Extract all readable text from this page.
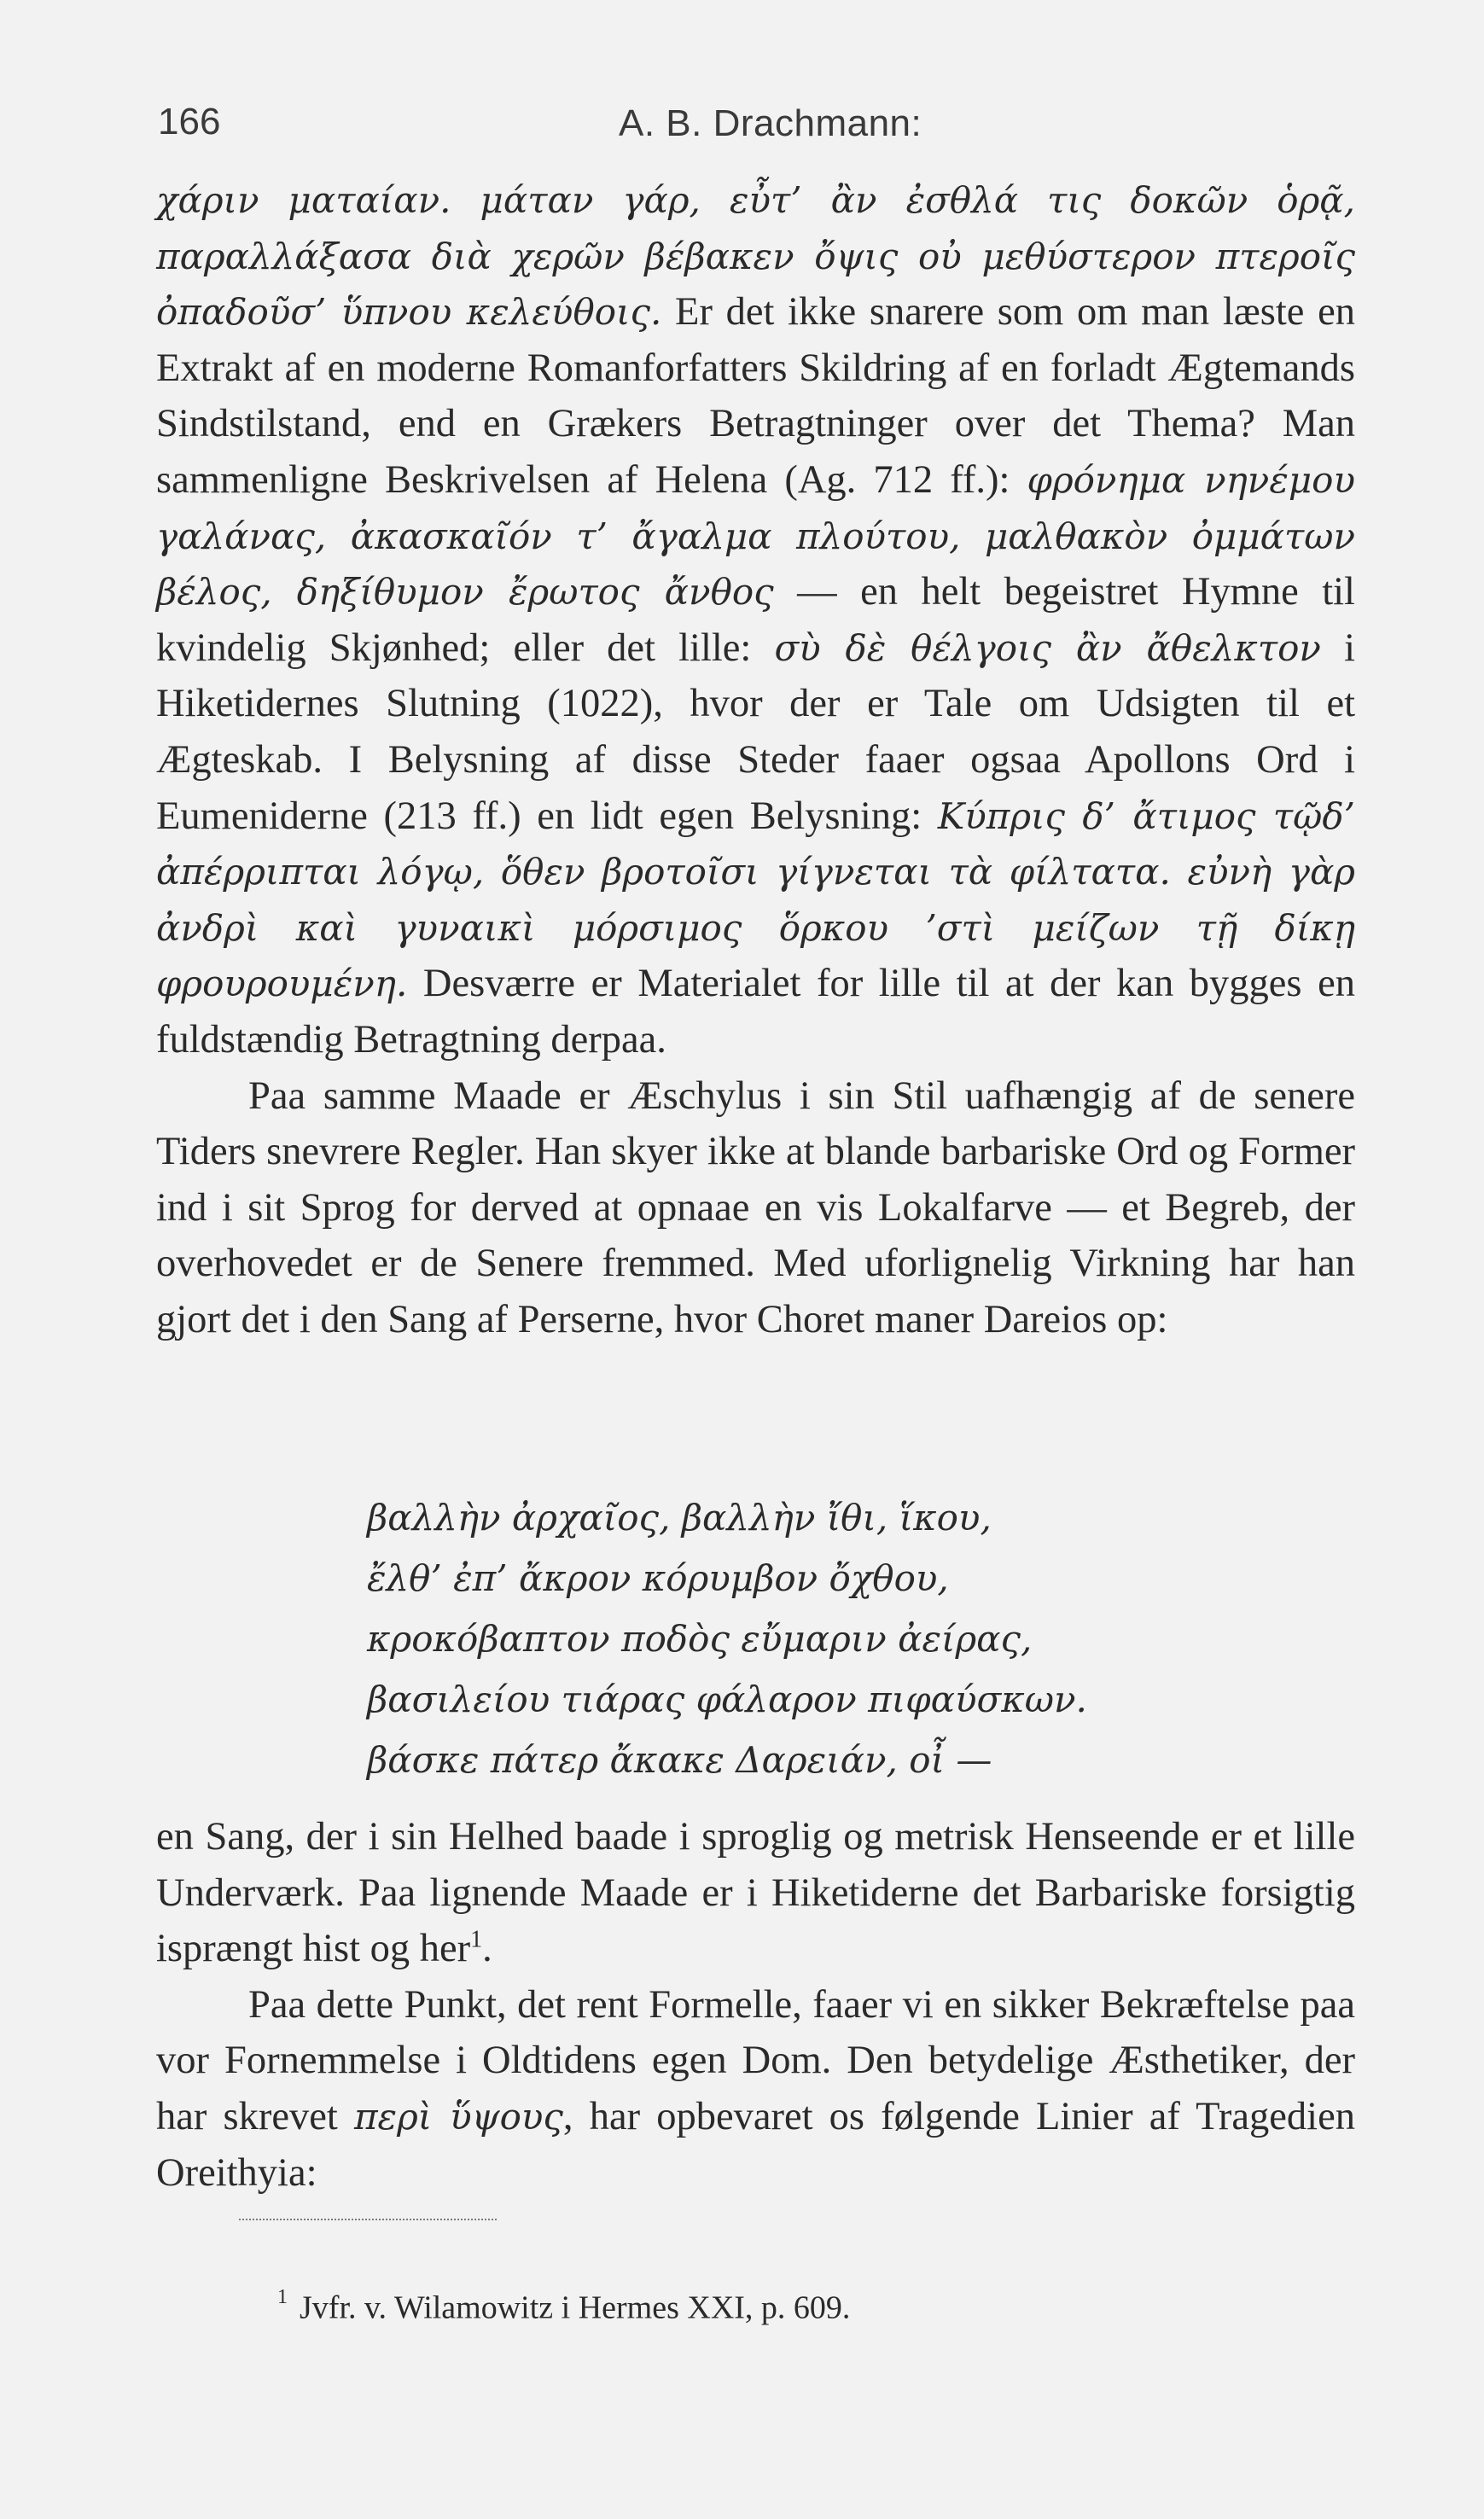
166	A. B. Drachmann:

χάριν ματαίαν. μάταν γάρ, εὖτ’ ἂν ἐσθλά τις δοκῶν ὁρᾷ, παραλλάξασα διὰ χερῶν βέβακεν ὄψις οὐ μεθύστερον πτεροῖς ὀπαδοῦσ’ ὕπνου κελεύθοις. Er det ikke snarere som om man læste en Extrakt af en moderne Romanforfatters Skildring af en forladt Ægtemands Sindstilstand, end en Grækers Betragtninger over det Thema? Man sammenligne Beskrivelsen af Helena (Ag. 712 ff.): φρόνημα νηνέμου γαλάνας, ἀκασκαῖόν τ’ ἄγαλμα πλούτου, μαλθακὸν ὀμμάτων βέλος, δηξίθυμον ἔρωτος ἄνθος — en helt begeistret Hymne til kvindelig Skjønhed; eller det lille: σὺ δὲ θέλγοις ἂν ἄθελκτον i Hiketidernes Slutning (1022), hvor der er Tale om Udsigten til et Ægteskab. I Belysning af disse Steder faaer ogsaa Apollons Ord i Eumeniderne (213 ff.) en lidt egen Belysning: Κύπρις δ’ ἄτιμος τῷδ’ ἀπέρριπται λόγῳ, ὅθεν βροτοῖσι γίγνεται τὰ φίλτατα. εὐνὴ γὰρ ἀνδρὶ καὶ γυναικὶ μόρσιμος ὅρκου ’στὶ μείζων τῇ δίκῃ φρουρουμένη. Desværre er Materialet for lille til at der kan bygges en fuldstændig Betragtning derpaa.

Paa samme Maade er Æschylus i sin Stil uafhængig af de senere Tiders snevrere Regler. Han skyer ikke at blande barbariske Ord og Former ind i sit Sprog for derved at opnaae en vis Lokalfarve — et Begreb, der overhovedet er de Senere fremmed. Med uforlignelig Virkning har han gjort det i den Sang af Perserne, hvor Choret maner Dareios op:

βαλλὴν ἀρχαῖος, βαλλὴν ἴθι, ἵκου,
ἔλθ’ ἐπ’ ἄκρον κόρυμβον ὄχθου,
κροκόβαπτον ποδὸς εὔμαριν ἀείρας,
βασιλείου τιάρας φάλαρον πιφαύσκων.
βάσκε πάτερ ἄκακε Δαρειάν, οἶ —

en Sang, der i sin Helhed baade i sproglig og metrisk Henseende er et lille Underværk. Paa lignende Maade er i Hiketiderne det Barbariske forsigtig isprængt hist og her$^1$.

Paa dette Punkt, det rent Formelle, faaer vi en sikker Bekræftelse paa vor Fornemmelse i Oldtidens egen Dom. Den betydelige Æsthetiker, der har skrevet περὶ ὕψους, har opbevaret os følgende Linier af Tragedien Oreithyia:

$^1$ Jvfr. v. Wilamowitz i Hermes XXI, p. 609.
